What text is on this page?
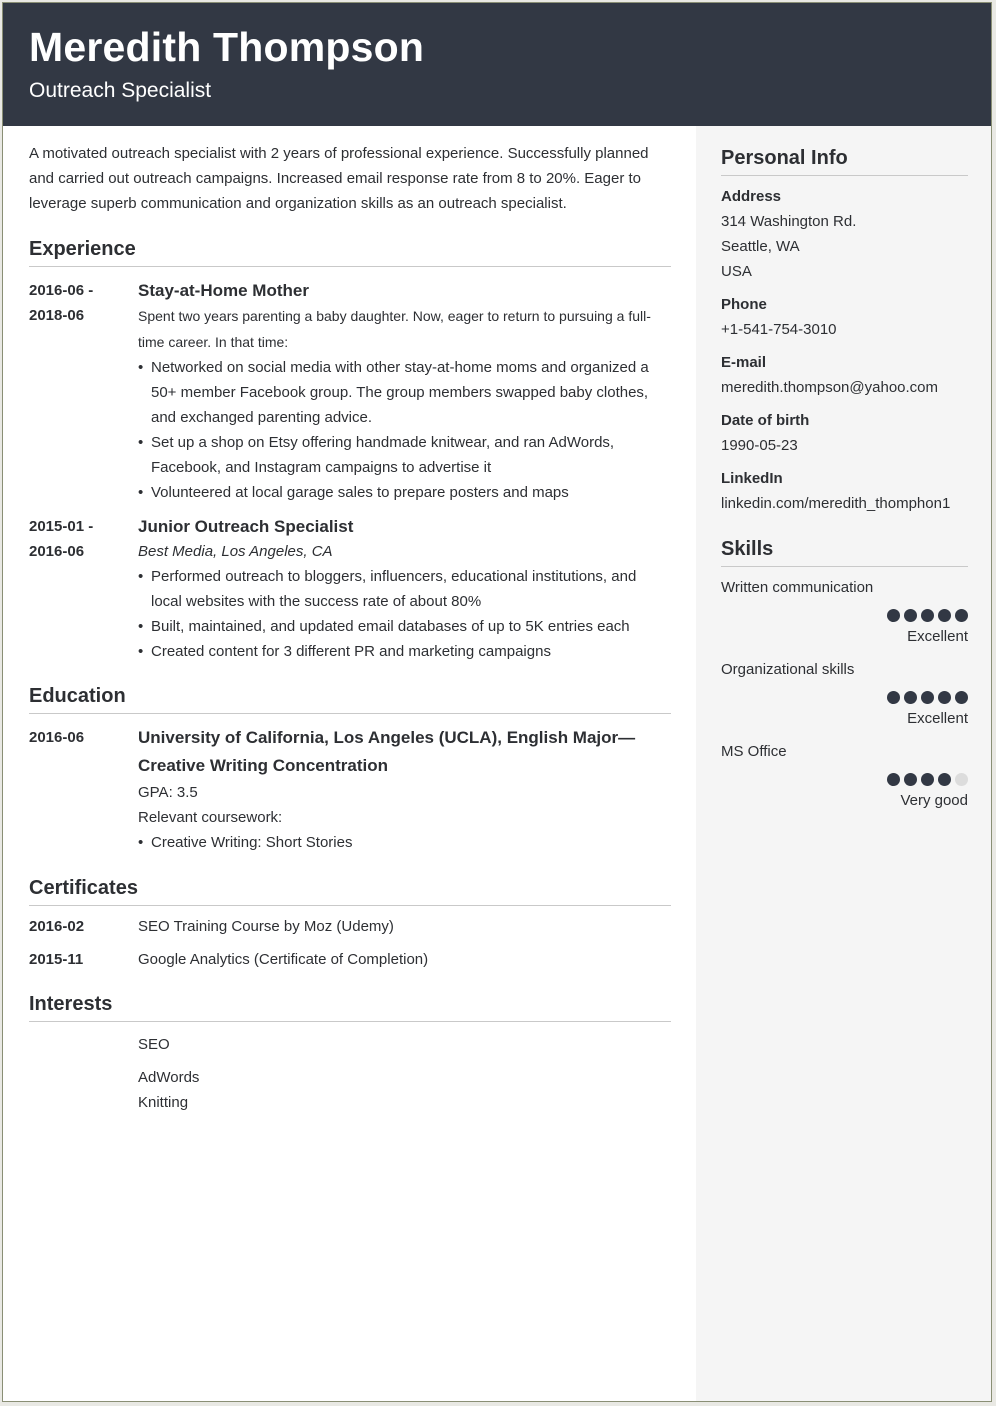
Meredith Thompson
Outreach Specialist

A motivated outreach specialist with 2 years of professional experience. Successfully planned and carried out outreach campaigns. Increased email response rate from 8 to 20%. Eager to leverage superb communication and organization skills as an outreach specialist.

Experience
2016-06 -
2018-06
Stay-at-Home Mother
Spent two years parenting a baby daughter. Now, eager to return to pursuing a full-time career. In that time:
• Networked on social media with other stay-at-home moms and organized a 50+ member Facebook group. The group members swapped baby clothes, and exchanged parenting advice.
• Set up a shop on Etsy offering handmade knitwear, and ran AdWords, Facebook, and Instagram campaigns to advertise it
• Volunteered at local garage sales to prepare posters and maps
2015-01 -
2016-06
Junior Outreach Specialist
Best Media, Los Angeles, CA
• Performed outreach to bloggers, influencers, educational institutions, and local websites with the success rate of about 80%
• Built, maintained, and updated email databases of up to 5K entries each
• Created content for 3 different PR and marketing campaigns
Education
2016-06	University of California, Los Angeles (UCLA), English Major—Creative Writing Concentration
GPA: 3.5
Relevant coursework:
• Creative Writing: Short Stories
Certificates
2016-02	SEO Training Course by Moz (Udemy)
2015-11	Google Analytics (Certificate of Completion)
Interests
SEO
AdWords
Knitting
Personal Info
Address
314 Washington Rd.
Seattle, WA
USA
Phone
+1-541-754-3010
E-mail
meredith.thompson@yahoo.com
Date of birth
1990-05-23
LinkedIn
linkedin.com/meredith_thomphon1
Skills
Written communication
Excellent
Organizational skills
Excellent
MS Office
Very good
